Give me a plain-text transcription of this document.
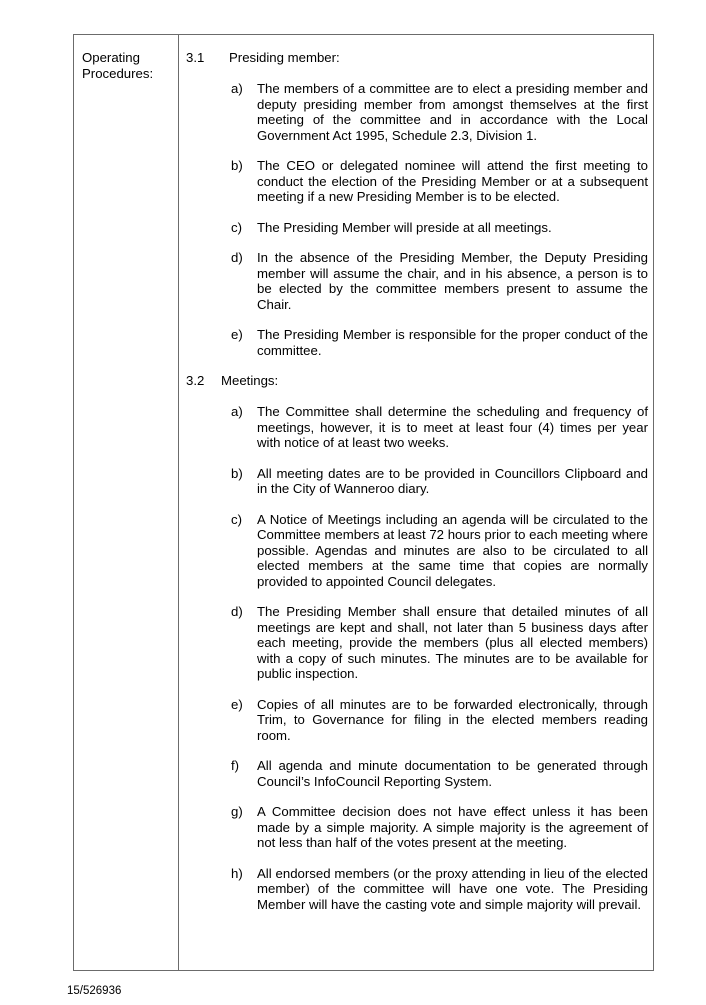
Operating Procedures:
3.1 Presiding member:
a) The members of a committee are to elect a presiding member and deputy presiding member from amongst themselves at the first meeting of the committee and in accordance with the Local Government Act 1995, Schedule 2.3, Division 1.
b) The CEO or delegated nominee will attend the first meeting to conduct the election of the Presiding Member or at a subsequent meeting if a new Presiding Member is to be elected.
c) The Presiding Member will preside at all meetings.
d) In the absence of the Presiding Member, the Deputy Presiding member will assume the chair, and in his absence, a person is to be elected by the committee members present to assume the Chair.
e) The Presiding Member is responsible for the proper conduct of the committee.
3.2 Meetings:
a) The Committee shall determine the scheduling and frequency of meetings, however, it is to meet at least four (4) times per year with notice of at least two weeks.
b) All meeting dates are to be provided in Councillors Clipboard and in the City of Wanneroo diary.
c) A Notice of Meetings including an agenda will be circulated to the Committee members at least 72 hours prior to each meeting where possible. Agendas and minutes are also to be circulated to all elected members at the same time that copies are normally provided to appointed Council delegates.
d) The Presiding Member shall ensure that detailed minutes of all meetings are kept and shall, not later than 5 business days after each meeting, provide the members (plus all elected members) with a copy of such minutes. The minutes are to be available for public inspection.
e) Copies of all minutes are to be forwarded electronically, through Trim, to Governance for filing in the elected members reading room.
f) All agenda and minute documentation to be generated through Council’s InfoCouncil Reporting System.
g) A Committee decision does not have effect unless it has been made by a simple majority. A simple majority is the agreement of not less than half of the votes present at the meeting.
h) All endorsed members (or the proxy attending in lieu of the elected member) of the committee will have one vote. The Presiding Member will have the casting vote and simple majority will prevail.
15/526936
